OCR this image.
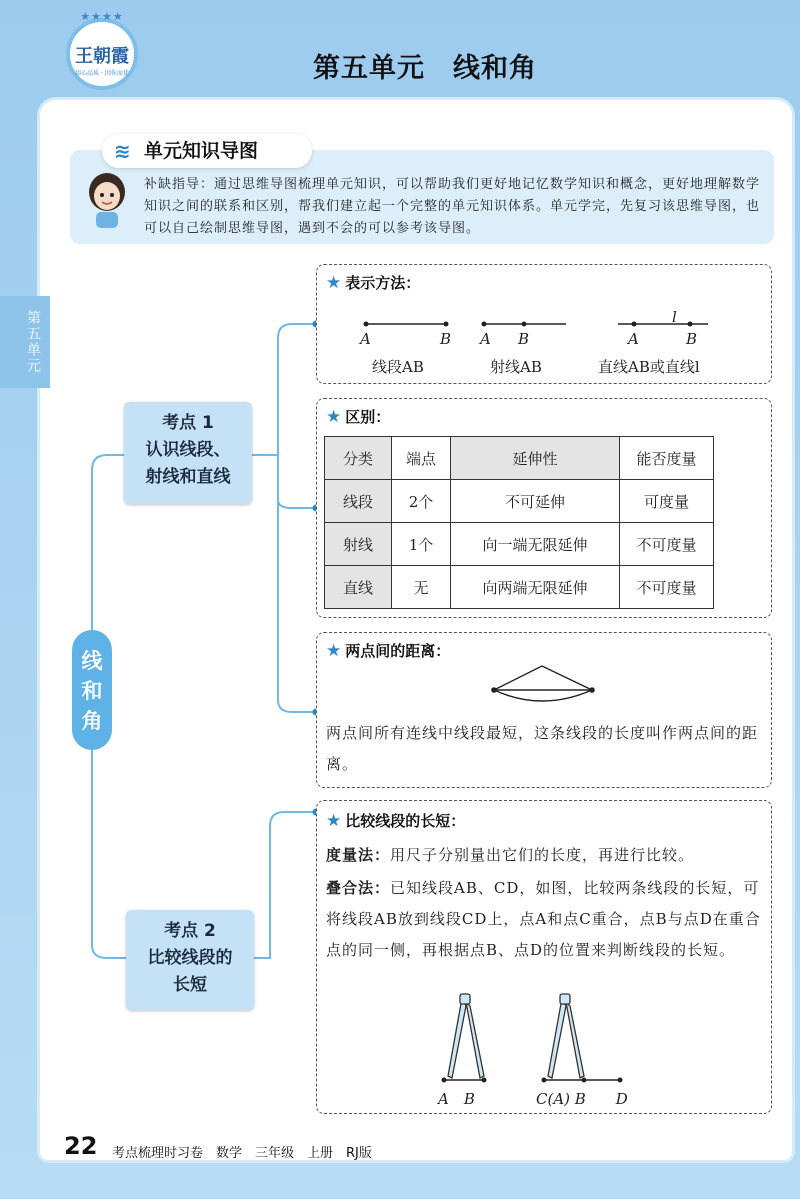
★★★★
王朝霞
用心品质 · 因你而优	第五单元　线和角
第五单元
≋ 单元知识导图
补缺指导：通过思维导图梳理单元知识，可以帮助我们更好地记忆数学知识和概念，更好地理解数学知识之间的联系和区别，帮我们建立起一个完整的单元知识体系。单元学完，先复习该思维导图，也可以自己绘制思维导图，遇到不会的可以参考该导图。
线和角
考点 1
认识线段、
射线和直线
考点 2
比较线段的
长短
★ 表示方法：
A	B A B	A	B
l
线段AB	射线AB	直线AB或直线l
★ 区别：
分类	端点	延伸性	能否度量
线段	2个	不可延伸	可度量
射线	1个	向一端无限延伸	不可度量
直线	无	向两端无限延伸	不可度量
★ 两点间的距离：
两点间所有连线中线段最短，这条线段的长度叫作两点间的距离。
★ 比较线段的长短：
度量法：用尺子分别量出它们的长度，再进行比较。
叠合法：已知线段AB、CD，如图，比较两条线段的长短，可将线段AB放到线段CD上，点A和点C重合，点B与点D在重合点的同一侧，再根据点B、点D的位置来判断线段的长短。
A　B	C(A) B　　D
22 考点梳理时习卷　数学　三年级　上册　RJ版
